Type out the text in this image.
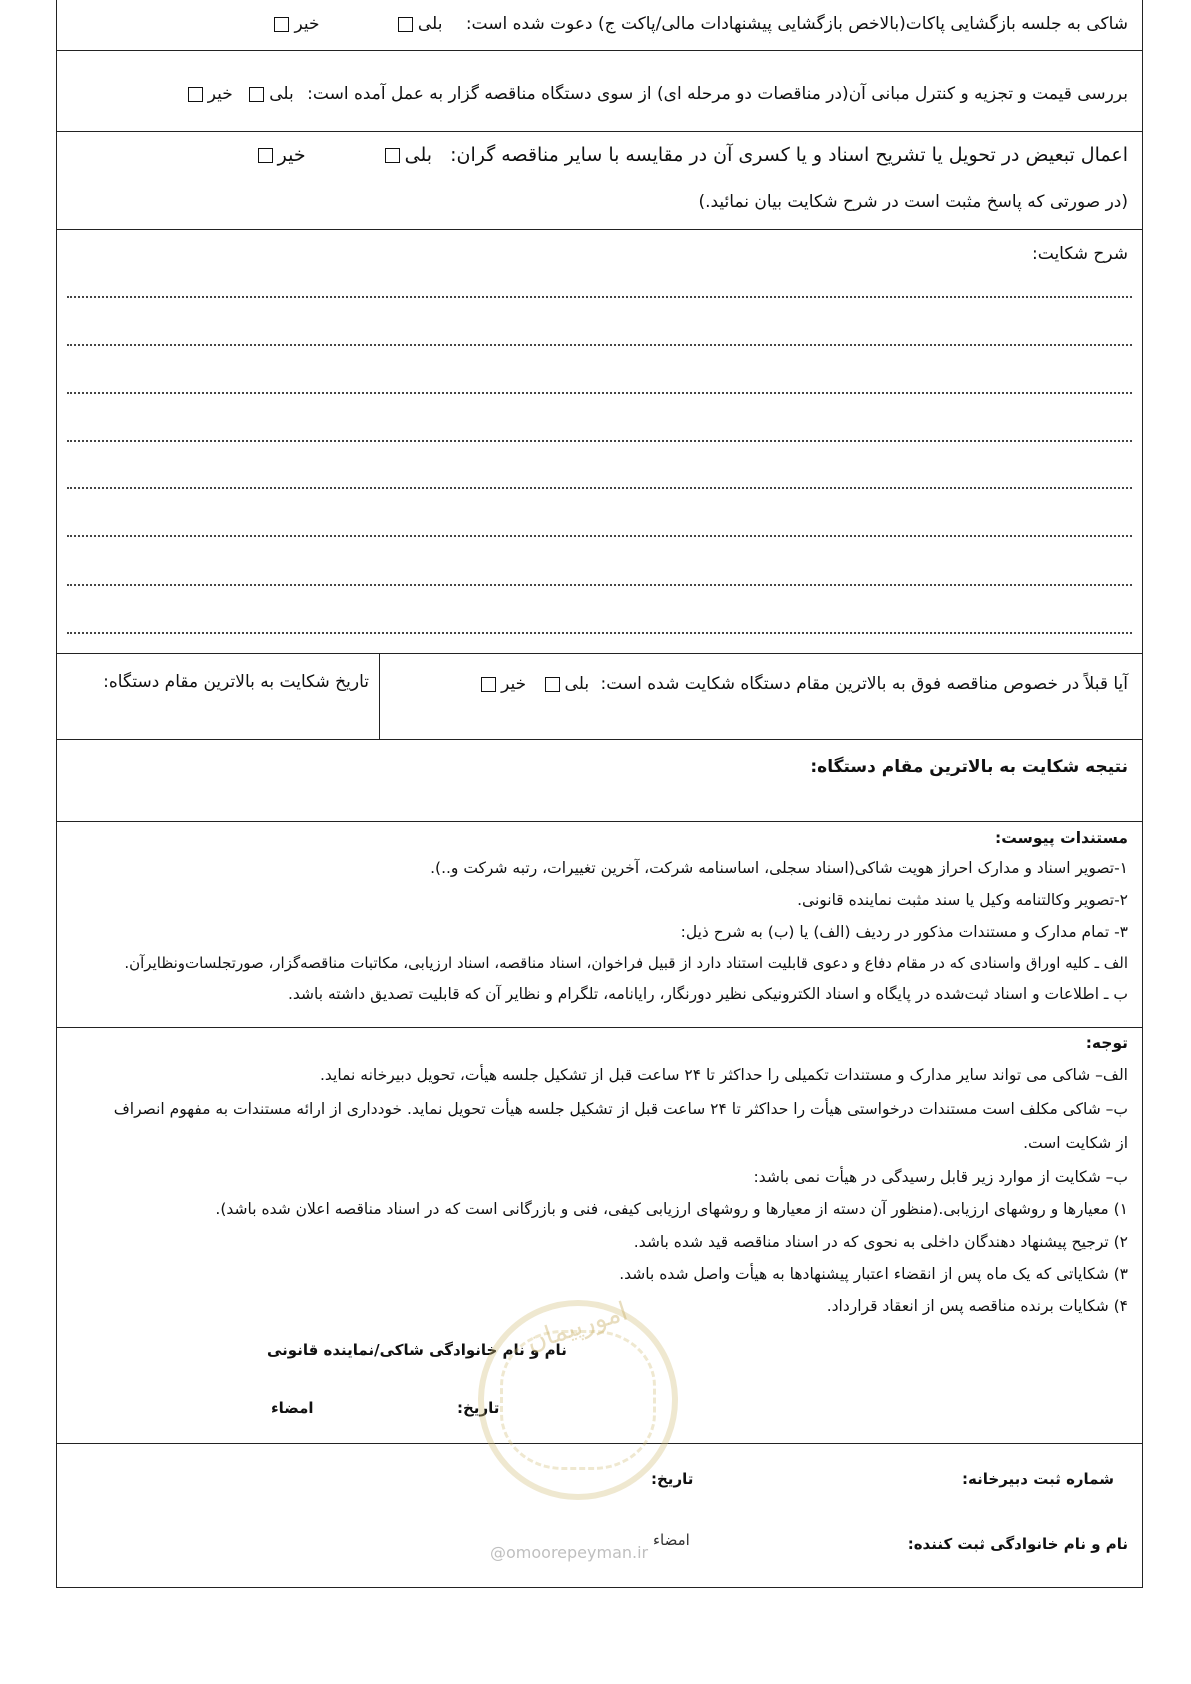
شاکی به جلسه بازگشایی پاکات(بالاخص بازگشایی پیشنهادات مالی/پاکت ج) دعوت شده است: بلی خیر
بررسی قیمت و تجزیه و کنترل مبانی آن(در مناقصات دو مرحله ای) از سوی دستگاه مناقصه گزار به عمل آمده است: بلی خیر
اعمال تبعیض در تحویل یا تشریح اسناد و یا کسری آن در مقایسه با سایر مناقصه گران: بلی خیر
(در صورتی که پاسخ مثبت است در شرح شکایت بیان نمائید.)
شرح شکایت:
آیا قبلاً در خصوص مناقصه فوق به بالاترین مقام دستگاه شکایت شده است: بلی خیر
تاریخ شکایت به بالاترین مقام دستگاه:
نتیجه شکایت به بالاترین مقام دستگاه:
مستندات پیوست:
۱-تصویر اسناد و مدارک احراز هویت شاکی(اسناد سجلی، اساسنامه شرکت، آخرین تغییرات، رتبه شرکت و..).
۲-تصویر وکالتنامه وکیل یا سند مثبت نماینده قانونی.
۳- تمام مدارک و مستندات مذکور در ردیف (الف) یا (ب) به شرح ذیل:
الف ـ کلیه اوراق واسنادی که در مقام دفاع و دعوی قابلیت استناد دارد از قبیل فراخوان، اسناد مناقصه، اسناد ارزیابی، مکاتبات مناقصه‌گزار، صورتجلسات‌ونظایرآن.
ب ـ اطلاعات و اسناد ثبت‌شده در پایگاه و اسناد الکترونیکی نظیر دورنگار، رایانامه، تلگرام و نظایر آن که قابلیت تصدیق داشته باشد.
توجه:
الف– شاکی می تواند سایر مدارک و مستندات تکمیلی را حداکثر تا ۲۴ ساعت قبل از تشکیل جلسه هیأت، تحویل دبیرخانه نماید.
ب– شاکی مکلف است مستندات درخواستی هیأت را حداکثر تا ۲۴ ساعت قبل از تشکیل جلسه هیأت تحویل نماید. خودداری از ارائه مستندات به مفهوم انصراف
از شکایت است.
ب– شکایت از موارد زیر قابل رسیدگی در هیأت نمی باشد:
۱) معیارها و روشهای ارزیابی.(منظور آن دسته از معیارها و روشهای ارزیابی کیفی، فنی و بازرگانی است که در اسناد مناقصه اعلان شده باشد).
۲) ترجیح پیشنهاد دهندگان داخلی به نحوی که در اسناد مناقصه قید شده باشد.
۳) شکایاتی که یک ماه پس از انقضاء اعتبار پیشنهادها به هیأت واصل شده باشد.
۴) شکایات برنده مناقصه پس از انعقاد قرارداد.
نام و نام خانوادگی شاکی/نماینده قانونی
امضاء	تاریخ:
شماره ثبت دبیرخانه:
تاریخ:
نام و نام خانوادگی ثبت کننده:
امضاء
امورپیمان
@omoorepeyman.ir
